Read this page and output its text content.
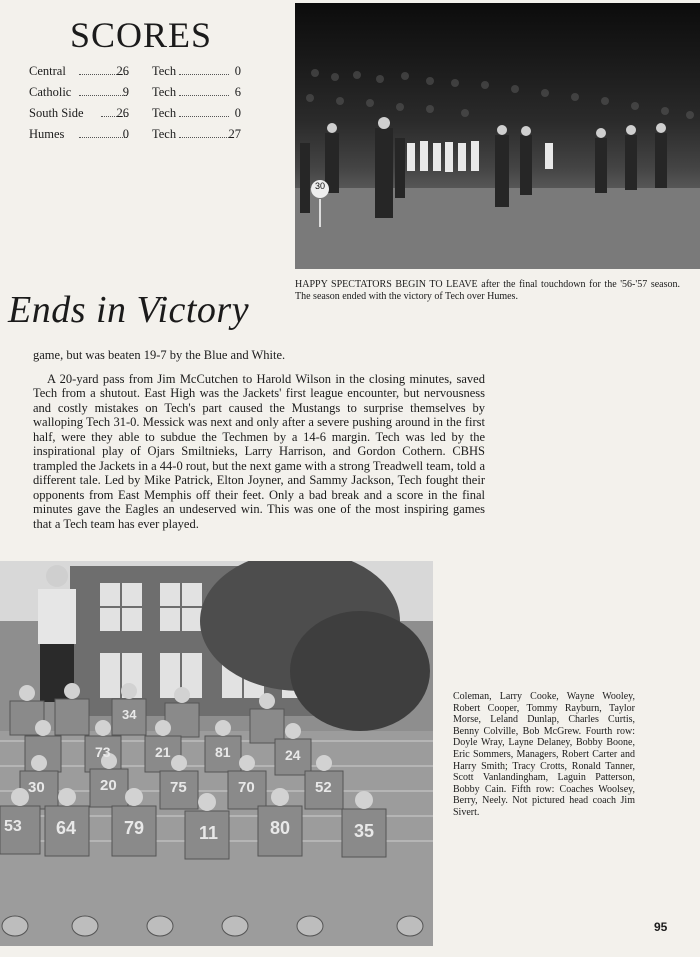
SCORES
Central	26 Tech	0
Catholic	9 Tech	6
South Side	26 Tech	0
Humes	0 Tech	27
30
HAPPY SPECTATORS BEGIN TO LEAVE after the final touchdown for the '56-'57 season. The season ended with the victory of Tech over Humes.
Ends in Victory

game, but was beaten 19-7 by the Blue and White.

A 20-yard pass from Jim McCutchen to Harold Wilson in the closing minutes, saved Tech from a shutout. East High was the Jackets' first league encounter, but nervousness and costly mistakes on Tech's part caused the Mustangs to surprise themselves by walloping Tech 31-0. Messick was next and only after a severe pushing around in the first half, were they able to subdue the Techmen by a 14-6 margin. Tech was led by the inspirational play of Ojars Smiltnieks, Larry Harrison, and Gordon Cothern. CBHS trampled the Jackets in a 44-0 rout, but the next game with a strong Treadwell team, told a different tale. Led by Mike Patrick, Elton Joyner, and Sammy Jackson, Tech fought their opponents from East Memphis off their feet. Only a bad break and a score in the final minutes gave the Eagles an undeserved win. This was one of the most inspiring games that a Tech team has ever played.

53 64	79	11	80	35
30	20	75	70	52
73	21	81	24
34
Coleman, Larry Cooke, Wayne Wooley, Robert Cooper, Tommy Rayburn, Taylor Morse, Leland Dunlap, Charles Curtis, Benny Colville, Bob McGrew. Fourth row: Doyle Wray, Layne Delaney, Bobby Boone, Eric Sommers, Managers, Robert Carter and Harry Smith; Tracy Crotts, Ronald Tanner, Scott Vanlandingham, Laguin Patterson, Bobby Cain. Fifth row: Coaches Woolsey, Berry, Neely. Not pictured head coach Jim Sivert.
95
